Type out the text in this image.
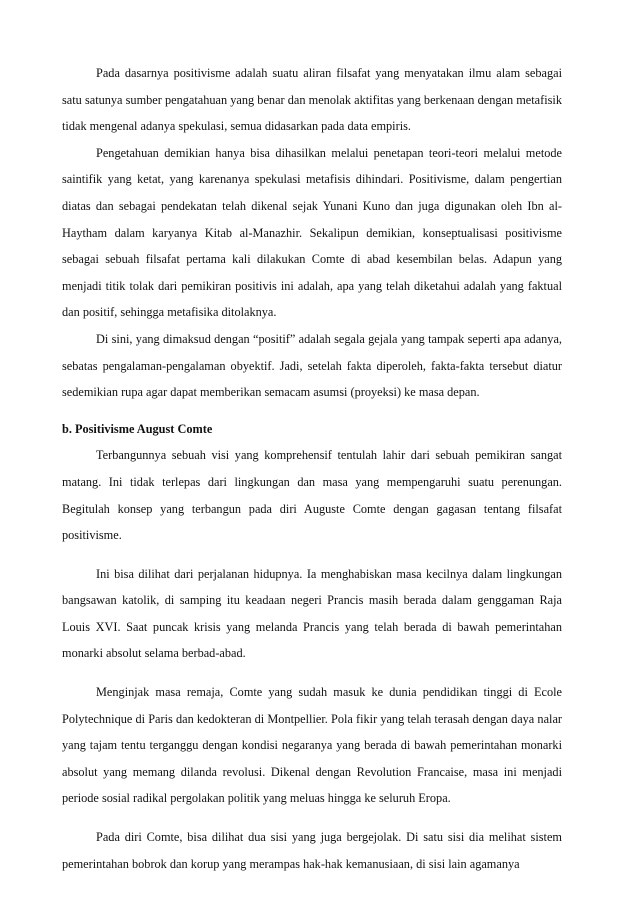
Pada dasarnya positivisme adalah suatu aliran filsafat yang menyatakan ilmu alam sebagai satu satunya sumber pengatahuan yang benar dan menolak aktifitas yang berkenaan dengan metafisik tidak mengenal adanya spekulasi, semua didasarkan pada data empiris.

Pengetahuan demikian hanya bisa dihasilkan melalui penetapan teori-teori melalui metode saintifik yang ketat, yang karenanya spekulasi metafisis dihindari. Positivisme, dalam pengertian diatas dan sebagai pendekatan telah dikenal sejak Yunani Kuno dan juga digunakan oleh Ibn al-Haytham dalam karyanya Kitab al-Manazhir. Sekalipun demikian, konseptualisasi positivisme sebagai sebuah filsafat pertama kali dilakukan Comte di abad kesembilan belas. Adapun yang menjadi titik tolak dari pemikiran positivis ini adalah, apa yang telah diketahui adalah yang faktual dan positif, sehingga metafisika ditolaknya.

Di sini, yang dimaksud dengan “positif” adalah segala gejala yang tampak seperti apa adanya, sebatas pengalaman-pengalaman obyektif. Jadi, setelah fakta diperoleh, fakta-fakta tersebut diatur sedemikian rupa agar dapat memberikan semacam asumsi (proyeksi) ke masa depan.

b. Positivisme August Comte

Terbangunnya sebuah visi yang komprehensif tentulah lahir dari sebuah pemikiran sangat matang. Ini tidak terlepas dari lingkungan dan masa yang mempengaruhi suatu perenungan. Begitulah konsep yang terbangun pada diri Auguste Comte dengan gagasan tentang filsafat positivisme.

Ini bisa dilihat dari perjalanan hidupnya. Ia menghabiskan masa kecilnya dalam lingkungan bangsawan katolik, di samping itu keadaan negeri Prancis masih berada dalam genggaman Raja Louis XVI. Saat puncak krisis yang melanda Prancis yang telah berada di bawah pemerintahan monarki absolut selama berbad-abad.

Menginjak masa remaja, Comte yang sudah masuk ke dunia pendidikan tinggi di Ecole Polytechnique di Paris dan kedokteran di Montpellier. Pola fikir yang telah terasah dengan daya nalar yang tajam tentu terganggu dengan kondisi negaranya yang berada di bawah pemerintahan monarki absolut yang memang dilanda revolusi. Dikenal dengan Revolution Francaise, masa ini menjadi periode sosial radikal pergolakan politik yang meluas hingga ke seluruh Eropa.

Pada diri Comte, bisa dilihat dua sisi yang juga bergejolak. Di satu sisi dia melihat sistem pemerintahan bobrok dan korup yang merampas hak-hak kemanusiaan, di sisi lain agamanya
